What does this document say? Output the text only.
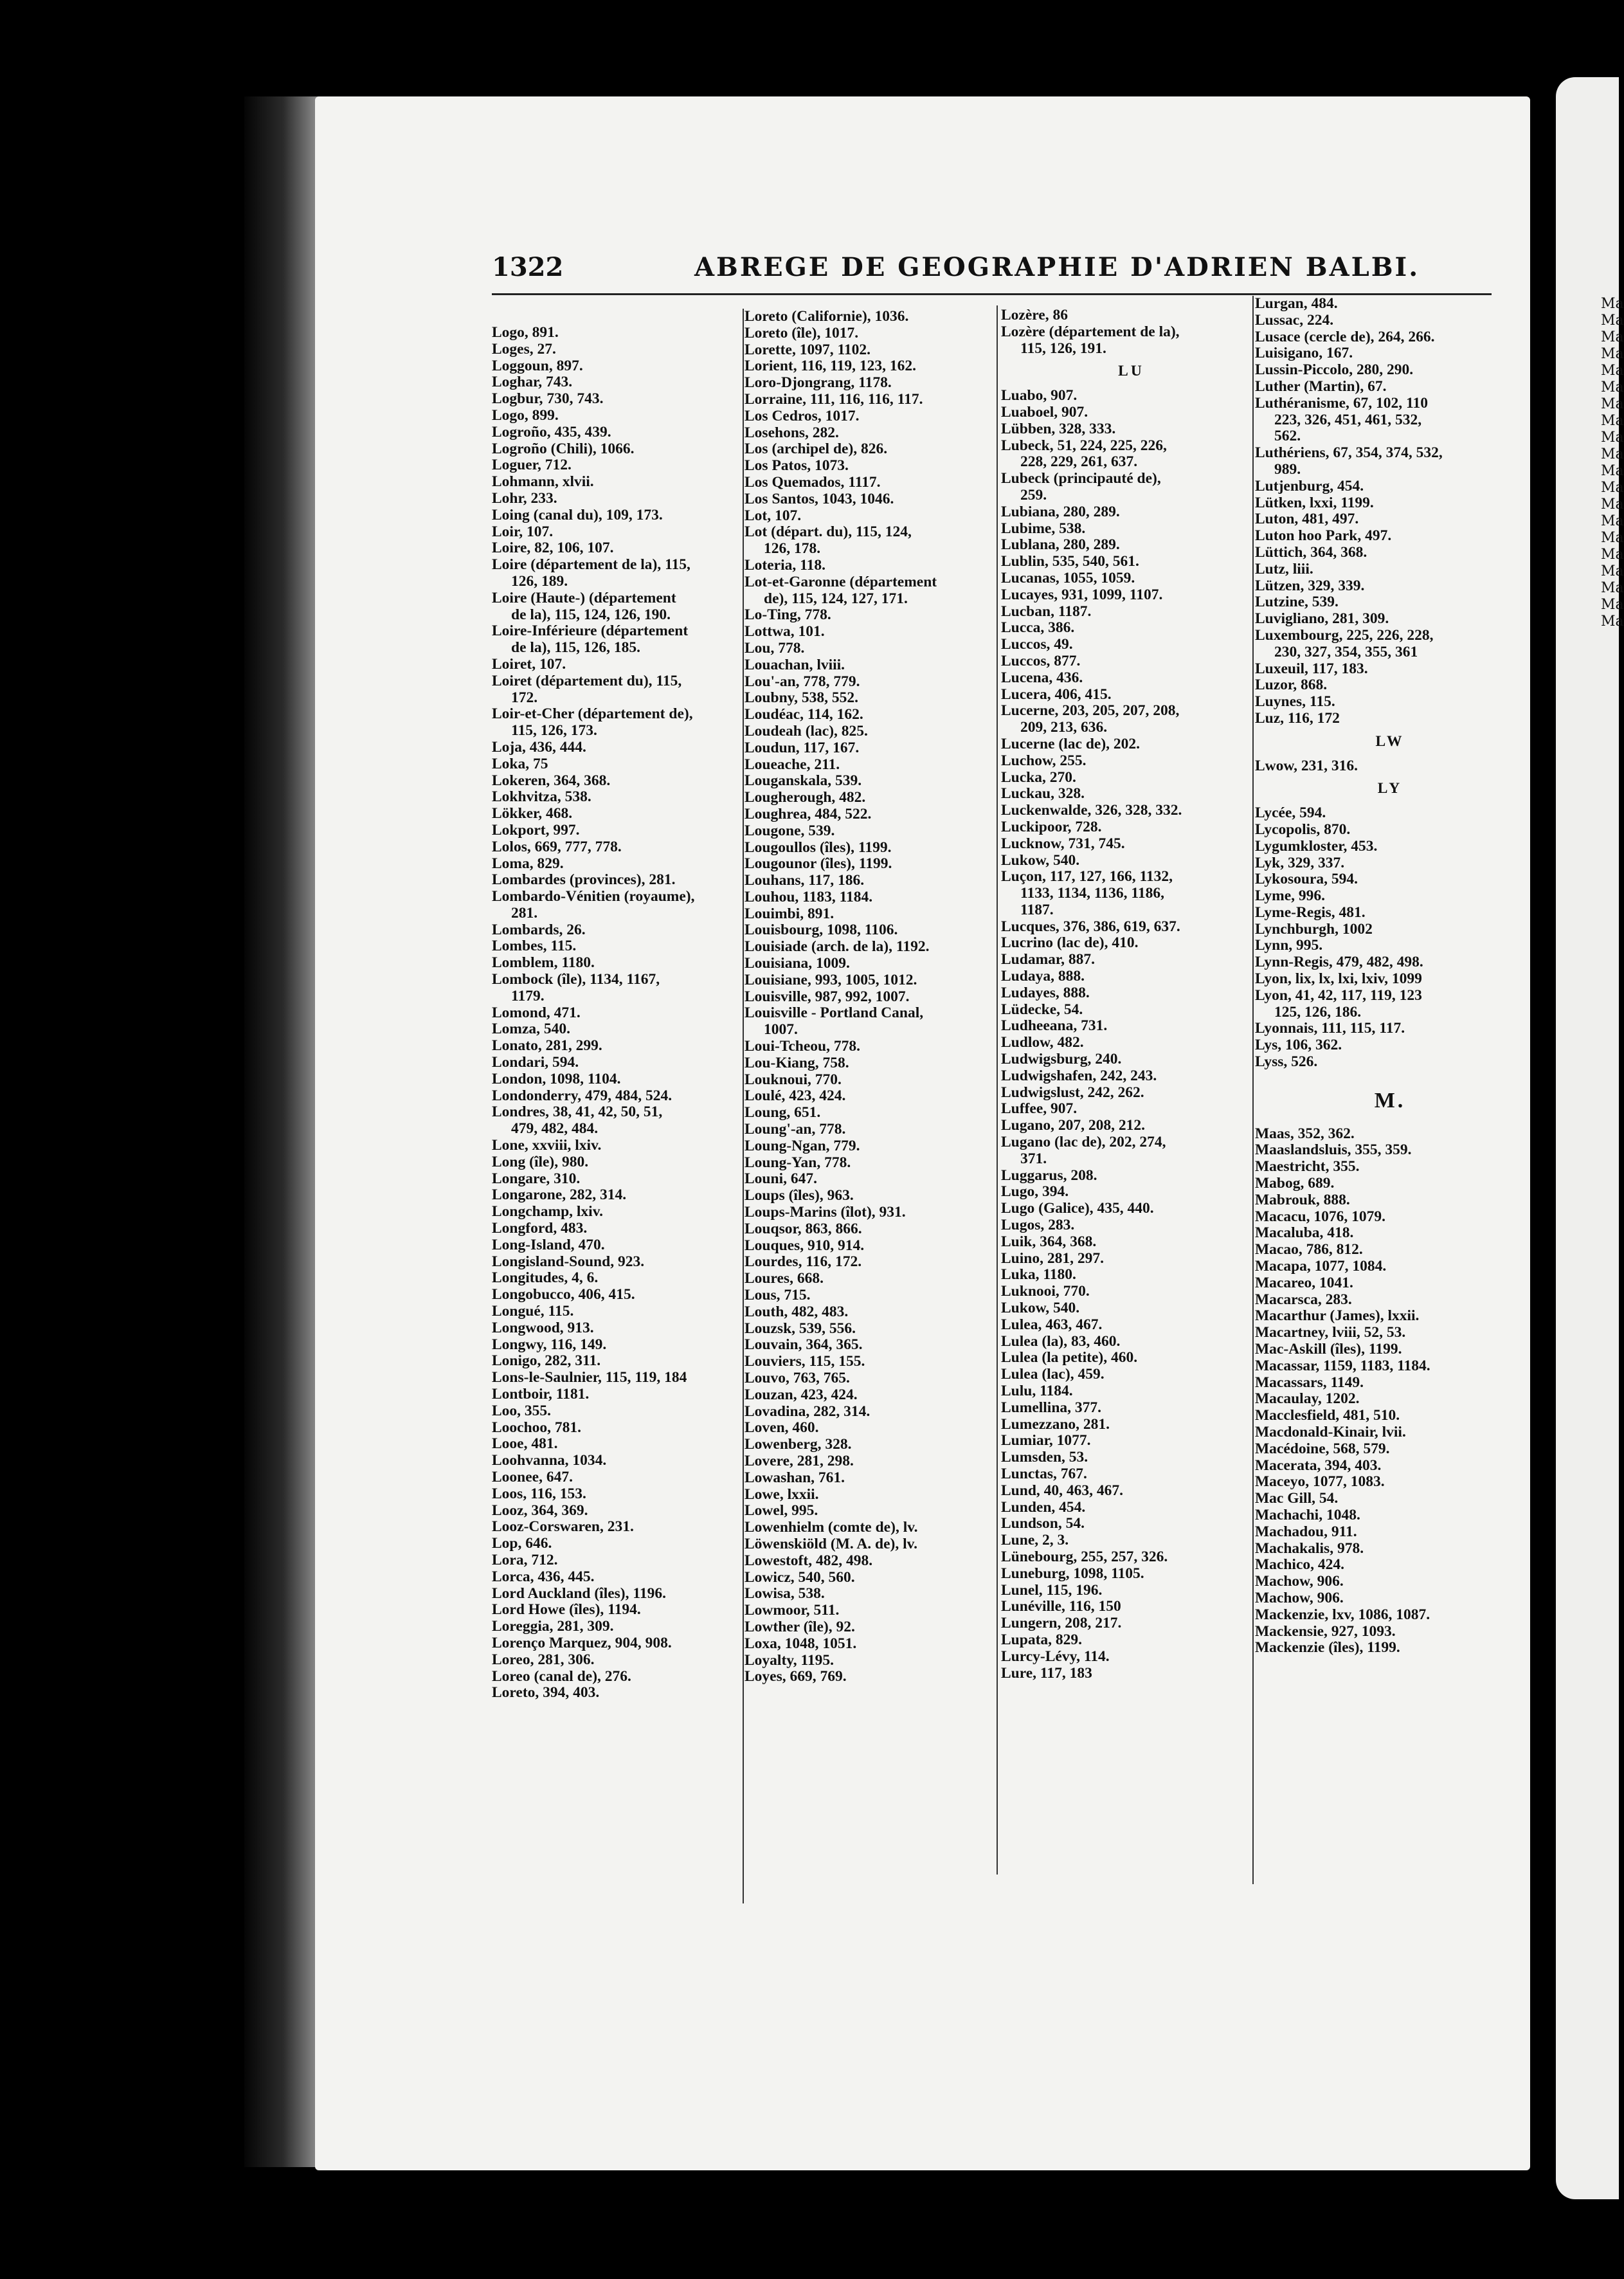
Ma
Ma
Ma
Ma
Ma
Ma
Ma
Ma
Ma
Ma
Ma
Ma
Ma
Ma
Ma
Ma
Ma
Ma
Ma
Ma
1322	ABREGE DE GEOGRAPHIE D'ADRIEN BALBI.
Logo, 891.
Loges, 27.
Loggoun, 897.
Loghar, 743.
Logbur, 730, 743.
Logo, 899.
Logroño, 435, 439.
Logroño (Chili), 1066.
Loguer, 712.
Lohmann, xlvii.
Lohr, 233.
Loing (canal du), 109, 173.
Loir, 107.
Loire, 82, 106, 107.
Loire (département de la), 115,
126, 189.
Loire (Haute-) (département
de la), 115, 124, 126, 190.
Loire-Inférieure (département
de la), 115, 126, 185.
Loiret, 107.
Loiret (département du), 115,
172.
Loir-et-Cher (département de),
115, 126, 173.
Loja, 436, 444.
Loka, 75
Lokeren, 364, 368.
Lokhvitza, 538.
Lökker, 468.
Lokport, 997.
Lolos, 669, 777, 778.
Loma, 829.
Lombardes (provinces), 281.
Lombardo-Vénitien (royaume),
281.
Lombards, 26.
Lombes, 115.
Lomblem, 1180.
Lombock (île), 1134, 1167,
1179.
Lomond, 471.
Lomza, 540.
Lonato, 281, 299.
Londari, 594.
London, 1098, 1104.
Londonderry, 479, 484, 524.
Londres, 38, 41, 42, 50, 51,
479, 482, 484.
Lone, xxviii, lxiv.
Long (île), 980.
Longare, 310.
Longarone, 282, 314.
Longchamp, lxiv.
Longford, 483.
Long-Island, 470.
Longisland-Sound, 923.
Longitudes, 4, 6.
Longobucco, 406, 415.
Longué, 115.
Longwood, 913.
Longwy, 116, 149.
Lonigo, 282, 311.
Lons-le-Saulnier, 115, 119, 184
Lontboir, 1181.
Loo, 355.
Loochoo, 781.
Looe, 481.
Loohvanna, 1034.
Loonee, 647.
Loos, 116, 153.
Looz, 364, 369.
Looz-Corswaren, 231.
Lop, 646.
Lora, 712.
Lorca, 436, 445.
Lord Auckland (îles), 1196.
Lord Howe (îles), 1194.
Loreggia, 281, 309.
Lorenço Marquez, 904, 908.
Loreo, 281, 306.
Loreo (canal de), 276.
Loreto, 394, 403.
Loreto (Californie), 1036.
Loreto (île), 1017.
Lorette, 1097, 1102.
Lorient, 116, 119, 123, 162.
Loro-Djongrang, 1178.
Lorraine, 111, 116, 116, 117.
Los Cedros, 1017.
Losehons, 282.
Los (archipel de), 826.
Los Patos, 1073.
Los Quemados, 1117.
Los Santos, 1043, 1046.
Lot, 107.
Lot (départ. du), 115, 124,
126, 178.
Loteria, 118.
Lot-et-Garonne (département
de), 115, 124, 127, 171.
Lo-Ting, 778.
Lottwa, 101.
Lou, 778.
Louachan, lviii.
Lou'-an, 778, 779.
Loubny, 538, 552.
Loudéac, 114, 162.
Loudeah (lac), 825.
Loudun, 117, 167.
Loueache, 211.
Louganskala, 539.
Lougherough, 482.
Loughrea, 484, 522.
Lougone, 539.
Lougoullos (îles), 1199.
Lougounor (îles), 1199.
Louhans, 117, 186.
Louhou, 1183, 1184.
Louimbi, 891.
Louisbourg, 1098, 1106.
Louisiade (arch. de la), 1192.
Louisiana, 1009.
Louisiane, 993, 1005, 1012.
Louisville, 987, 992, 1007.
Louisville - Portland Canal,
1007.
Loui-Tcheou, 778.
Lou-Kiang, 758.
Louknoui, 770.
Loulé, 423, 424.
Loung, 651.
Loung'-an, 778.
Loung-Ngan, 779.
Loung-Yan, 778.
Louni, 647.
Loups (îles), 963.
Loups-Marins (îlot), 931.
Louqsor, 863, 866.
Louques, 910, 914.
Lourdes, 116, 172.
Loures, 668.
Lous, 715.
Louth, 482, 483.
Louzsk, 539, 556.
Louvain, 364, 365.
Louviers, 115, 155.
Louvo, 763, 765.
Louzan, 423, 424.
Lovadina, 282, 314.
Loven, 460.
Lowenberg, 328.
Lovere, 281, 298.
Lowashan, 761.
Lowe, lxxii.
Lowel, 995.
Lowenhielm (comte de), lv.
Löwenskiöld (M. A. de), lv.
Lowestoft, 482, 498.
Lowicz, 540, 560.
Lowisa, 538.
Lowmoor, 511.
Lowther (île), 92.
Loxa, 1048, 1051.
Loyalty, 1195.
Loyes, 669, 769.
Lozère, 86
Lozère (département de la),
115, 126, 191.
LU
Luabo, 907.
Luaboel, 907.
Lübben, 328, 333.
Lubeck, 51, 224, 225, 226,
228, 229, 261, 637.
Lubeck (principauté de),
259.
Lubiana, 280, 289.
Lubime, 538.
Lublana, 280, 289.
Lublin, 535, 540, 561.
Lucanas, 1055, 1059.
Lucayes, 931, 1099, 1107.
Lucban, 1187.
Lucca, 386.
Luccos, 49.
Luccos, 877.
Lucena, 436.
Lucera, 406, 415.
Lucerne, 203, 205, 207, 208,
209, 213, 636.
Lucerne (lac de), 202.
Luchow, 255.
Lucka, 270.
Luckau, 328.
Luckenwalde, 326, 328, 332.
Luckipoor, 728.
Lucknow, 731, 745.
Lukow, 540.
Luçon, 117, 127, 166, 1132,
1133, 1134, 1136, 1186,
1187.
Lucques, 376, 386, 619, 637.
Lucrino (lac de), 410.
Ludamar, 887.
Ludaya, 888.
Ludayes, 888.
Lüdecke, 54.
Ludheeana, 731.
Ludlow, 482.
Ludwigsburg, 240.
Ludwigshafen, 242, 243.
Ludwigslust, 242, 262.
Luffee, 907.
Lugano, 207, 208, 212.
Lugano (lac de), 202, 274,
371.
Luggarus, 208.
Lugo, 394.
Lugo (Galice), 435, 440.
Lugos, 283.
Luik, 364, 368.
Luino, 281, 297.
Luka, 1180.
Luknooi, 770.
Lukow, 540.
Lulea, 463, 467.
Lulea (la), 83, 460.
Lulea (la petite), 460.
Lulea (lac), 459.
Lulu, 1184.
Lumellina, 377.
Lumezzano, 281.
Lumiar, 1077.
Lumsden, 53.
Lunctas, 767.
Lund, 40, 463, 467.
Lunden, 454.
Lundson, 54.
Lune, 2, 3.
Lünebourg, 255, 257, 326.
Luneburg, 1098, 1105.
Lunel, 115, 196.
Lunéville, 116, 150
Lungern, 208, 217.
Lupata, 829.
Lurcy-Lévy, 114.
Lure, 117, 183
Lurgan, 484.
Lussac, 224.
Lusace (cercle de), 264, 266.
Luisigano, 167.
Lussin-Piccolo, 280, 290.
Luther (Martin), 67.
Luthéranisme, 67, 102, 110
223, 326, 451, 461, 532,
562.
Luthériens, 67, 354, 374, 532,
989.
Lutjenburg, 454.
Lütken, lxxi, 1199.
Luton, 481, 497.
Luton hoo Park, 497.
Lüttich, 364, 368.
Lutz, liii.
Lützen, 329, 339.
Lutzine, 539.
Luvigliano, 281, 309.
Luxembourg, 225, 226, 228,
230, 327, 354, 355, 361
Luxeuil, 117, 183.
Luzor, 868.
Luynes, 115.
Luz, 116, 172
LW
Lwow, 231, 316.
LY
Lycée, 594.
Lycopolis, 870.
Lygumkloster, 453.
Lyk, 329, 337.
Lykosoura, 594.
Lyme, 996.
Lyme-Regis, 481.
Lynchburgh, 1002
Lynn, 995.
Lynn-Regis, 479, 482, 498.
Lyon, lix, lx, lxi, lxiv, 1099
Lyon, 41, 42, 117, 119, 123
125, 126, 186.
Lyonnais, 111, 115, 117.
Lys, 106, 362.
Lyss, 526.
M.
Maas, 352, 362.
Maaslandsluis, 355, 359.
Maestricht, 355.
Mabog, 689.
Mabrouk, 888.
Macacu, 1076, 1079.
Macaluba, 418.
Macao, 786, 812.
Macapa, 1077, 1084.
Macareo, 1041.
Macarsca, 283.
Macarthur (James), lxxii.
Macartney, lviii, 52, 53.
Mac-Askill (îles), 1199.
Macassar, 1159, 1183, 1184.
Macassars, 1149.
Macaulay, 1202.
Macclesfield, 481, 510.
Macdonald-Kinair, lvii.
Macédoine, 568, 579.
Macerata, 394, 403.
Maceyo, 1077, 1083.
Mac Gill, 54.
Machachi, 1048.
Machadou, 911.
Machakalis, 978.
Machico, 424.
Machow, 906.
Machow, 906.
Mackenzie, lxv, 1086, 1087.
Mackensie, 927, 1093.
Mackenzie (îles), 1199.
